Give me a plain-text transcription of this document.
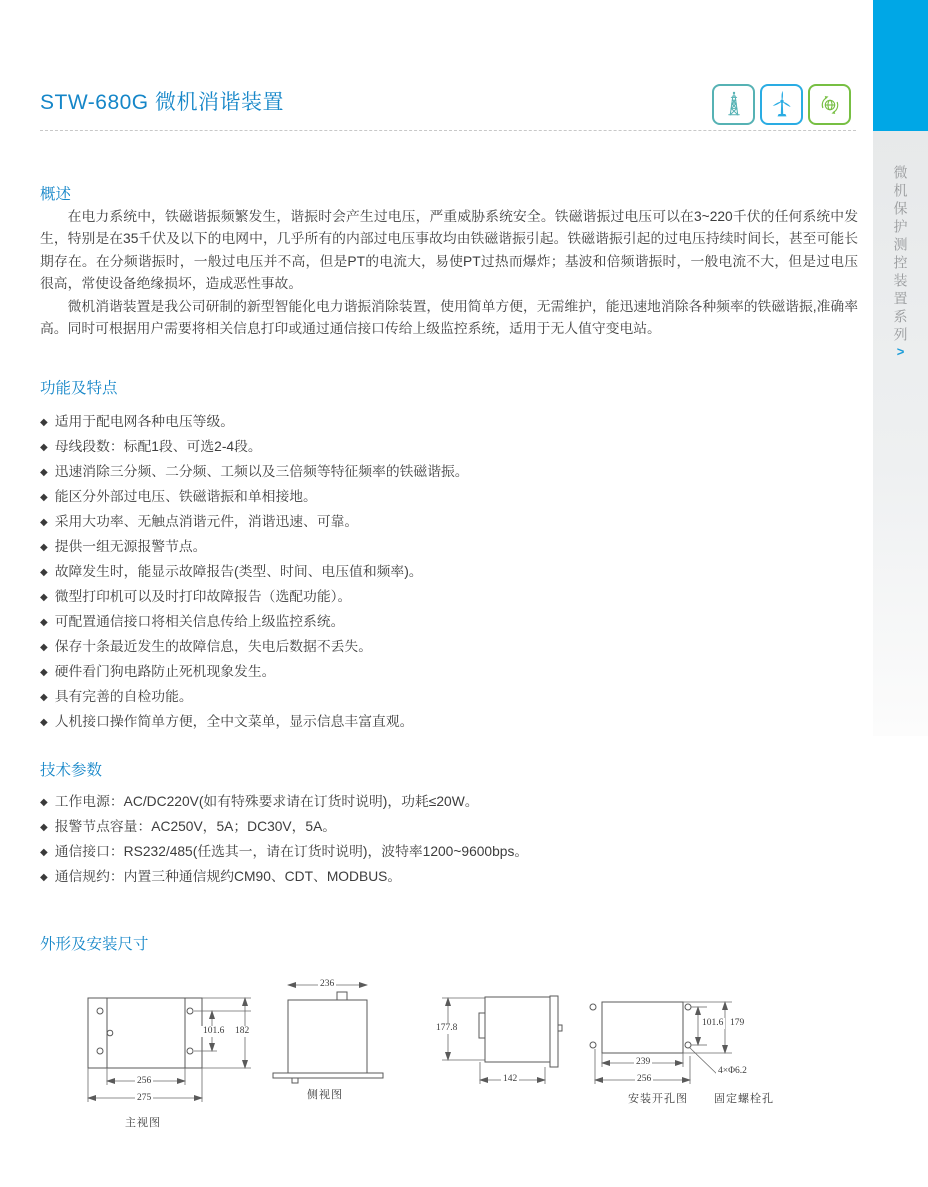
微机保护测控装置系列
>
STW-680G 微机消谐装置
概述

在电力系统中，铁磁谐振频繁发生，谐振时会产生过电压，严重威胁系统安全。铁磁谐振过电压可以在3~220千伏的任何系统中发生，特别是在35千伏及以下的电网中，几乎所有的内部过电压事故均由铁磁谐振引起。铁磁谐振引起的过电压持续时间长，甚至可能长期存在。在分频谐振时，一般过电压并不高，但是PT的电流大，易使PT过热而爆炸；基波和倍频谐振时，一般电流不大，但是过电压很高，常使设备绝缘损坏，造成恶性事故。

微机消谐装置是我公司研制的新型智能化电力谐振消除装置，使用简单方便，无需维护，能迅速地消除各种频率的铁磁谐振,准确率高。同时可根据用户需要将相关信息打印或通过通信接口传给上级监控系统，适用于无人值守变电站。

功能及特点
◆ 适用于配电网各种电压等级。
◆ 母线段数：标配1段、可选2-4段。
◆ 迅速消除三分频、二分频、工频以及三倍频等特征频率的铁磁谐振。
◆ 能区分外部过电压、铁磁谐振和单相接地。
◆ 采用大功率、无触点消谐元件，消谐迅速、可靠。
◆ 提供一组无源报警节点。
◆ 故障发生时，能显示故障报告(类型、时间、电压值和频率)。
◆ 微型打印机可以及时打印故障报告（选配功能）。
◆ 可配置通信接口将相关信息传给上级监控系统。
◆ 保存十条最近发生的故障信息，失电后数据不丢失。
◆ 硬件看门狗电路防止死机现象发生。
◆ 具有完善的自检功能。
◆ 人机接口操作简单方便，全中文菜单，显示信息丰富直观。
技术参数
◆ 工作电源：AC/DC220V(如有特殊要求请在订货时说明)，功耗≤20W。
◆ 报警节点容量：AC250V，5A；DC30V，5A。
◆ 通信接口：RS232/485(任选其一，请在订货时说明)，波特率1200~9600bps。
◆ 通信规约：内置三种通信规约CM90、CDT、MODBUS。
外形及安装尺寸
101.6 182
256
275
主视图
236
侧视图
177.8
142
101.6 179
239
256
4×Φ6.2
安装开孔图 固定螺栓孔
